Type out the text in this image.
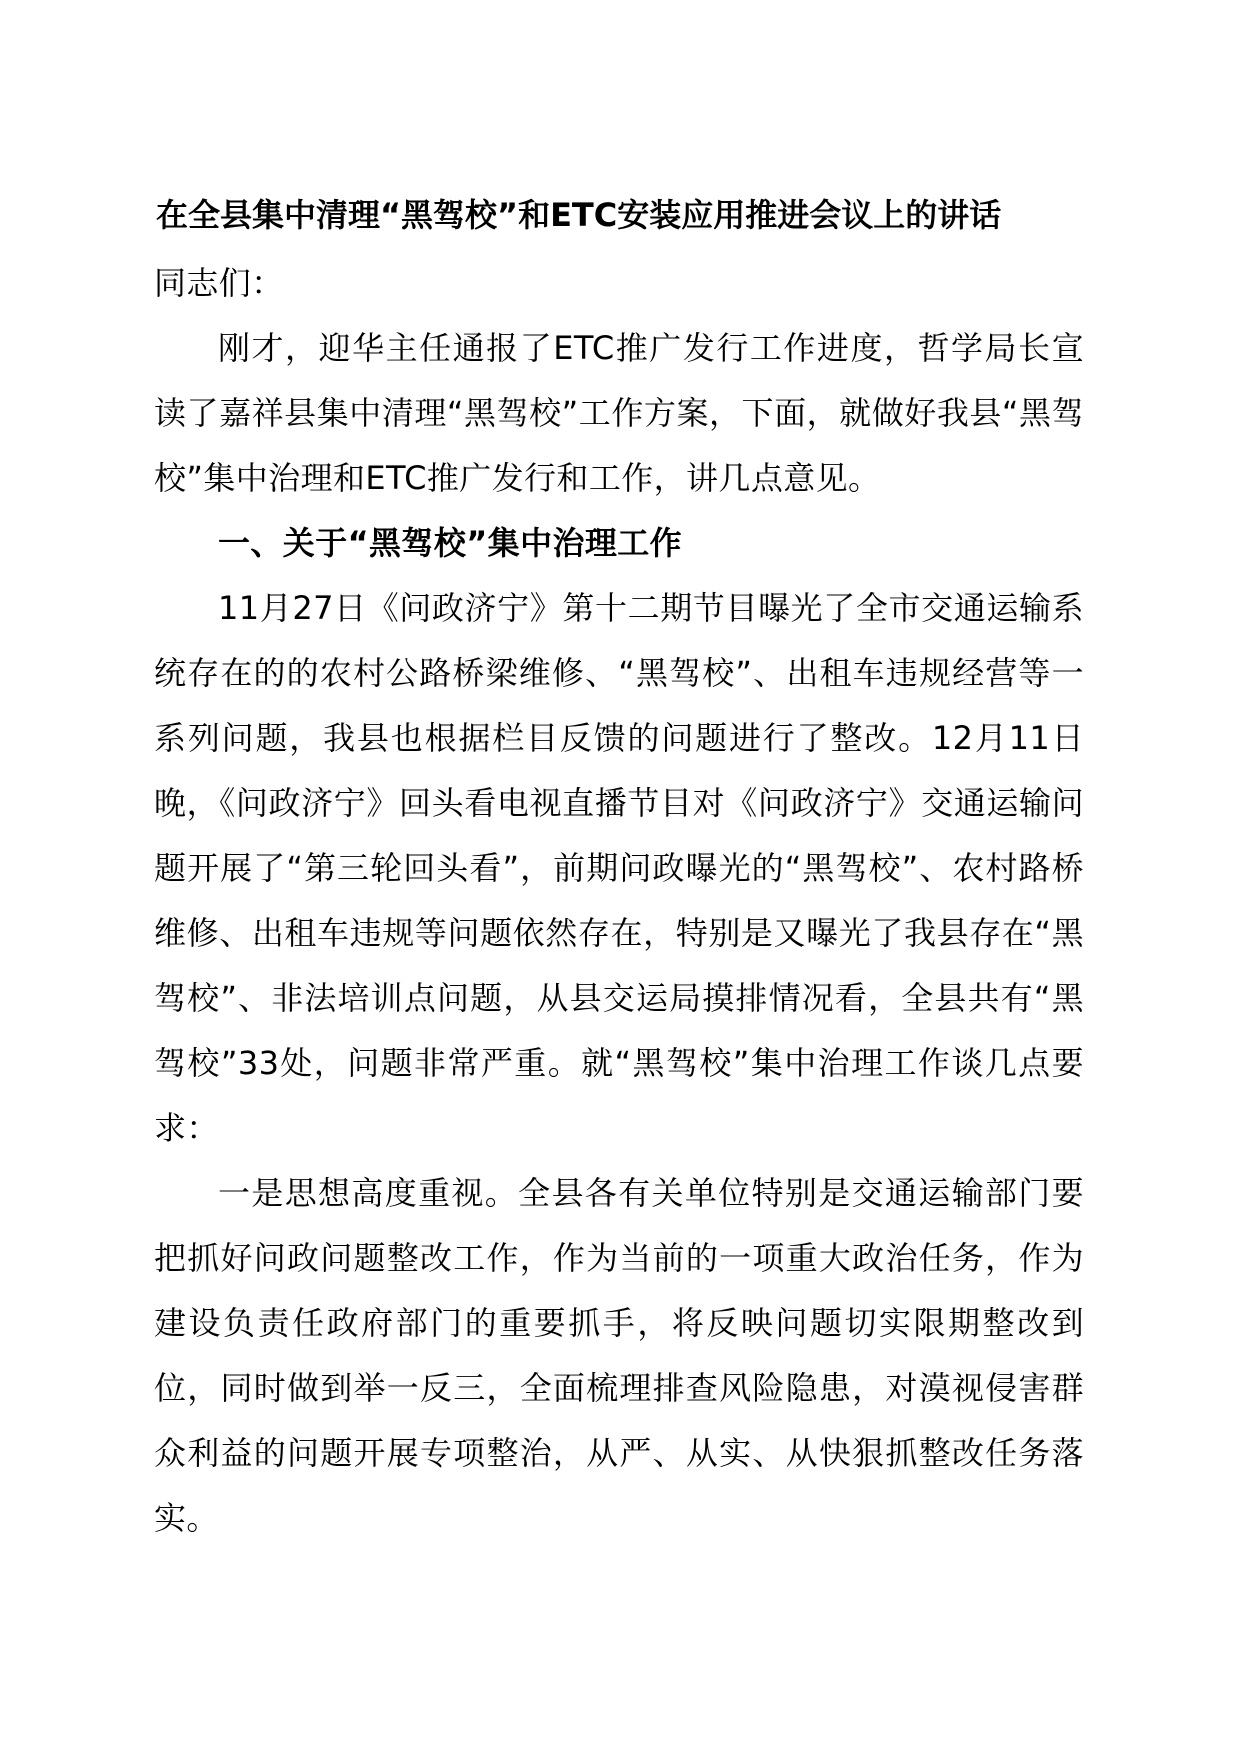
在全县集中清理“黑驾校”和ETC安装应用推进会议上的讲话

同志们：

刚才，迎华主任通报了ETC推广发行工作进度，哲学局长宣读了嘉祥县集中清理“黑驾校”工作方案，下面，就做好我县“黑驾校”集中治理和ETC推广发行和工作，讲几点意见。

一、关于“黑驾校”集中治理工作

11月27日《问政济宁》第十二期节目曝光了全市交通运输系统存在的的农村公路桥梁维修、“黑驾校”、出租车违规经营等一系列问题，我县也根据栏目反馈的问题进行了整改。12月11日晚，《问政济宁》回头看电视直播节目对《问政济宁》交通运输问题开展了“第三轮回头看”，前期问政曝光的“黑驾校”、农村路桥维修、出租车违规等问题依然存在，特别是又曝光了我县存在“黑驾校”、非法培训点问题，从县交运局摸排情况看，全县共有“黑驾校”33处，问题非常严重。就“黑驾校”集中治理工作谈几点要求：

一是思想高度重视。全县各有关单位特别是交通运输部门要把抓好问政问题整改工作，作为当前的一项重大政治任务，作为建设负责任政府部门的重要抓手，将反映问题切实限期整改到位，同时做到举一反三，全面梳理排查风险隐患，对漠视侵害群众利益的问题开展专项整治，从严、从实、从快狠抓整改任务落实。
